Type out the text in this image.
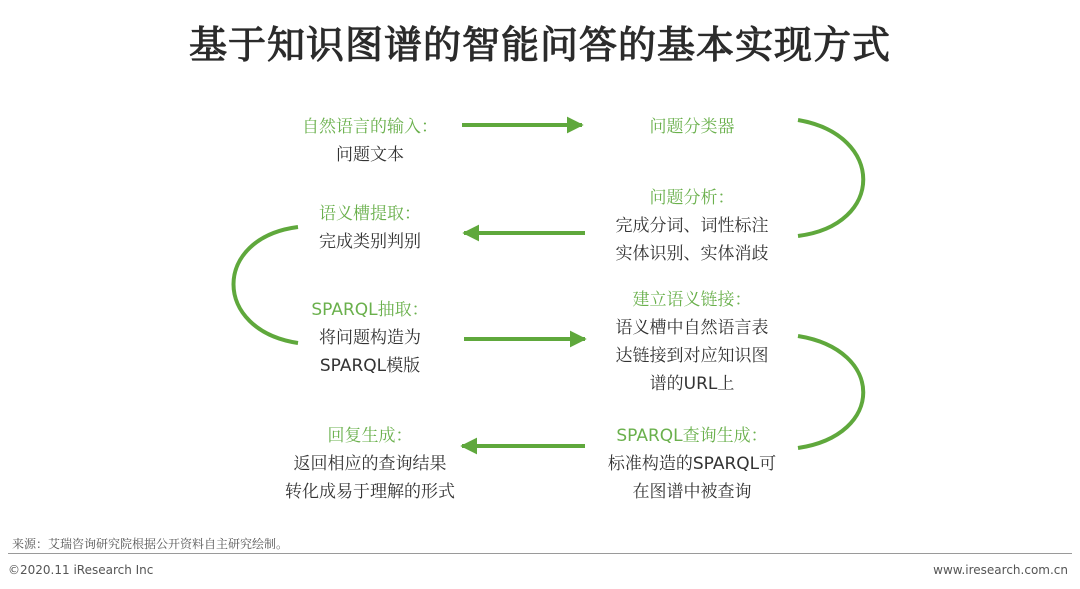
基于知识图谱的智能问答的基本实现方式
自然语言的输入：
问题文本
语义槽提取：
完成类别判别
SPARQL抽取：
将问题构造为
SPARQL模版
回复生成：
返回相应的查询结果
转化成易于理解的形式
问题分类器
问题分析：
完成分词、词性标注
实体识别、实体消歧
建立语义链接：
语义槽中自然语言表
达链接到对应知识图
谱的URL上
SPARQL查询生成：
标准构造的SPARQL可
在图谱中被查询
来源：艾瑞咨询研究院根据公开资料自主研究绘制。
©2020.11 iResearch Inc	www.iresearch.com.cn
